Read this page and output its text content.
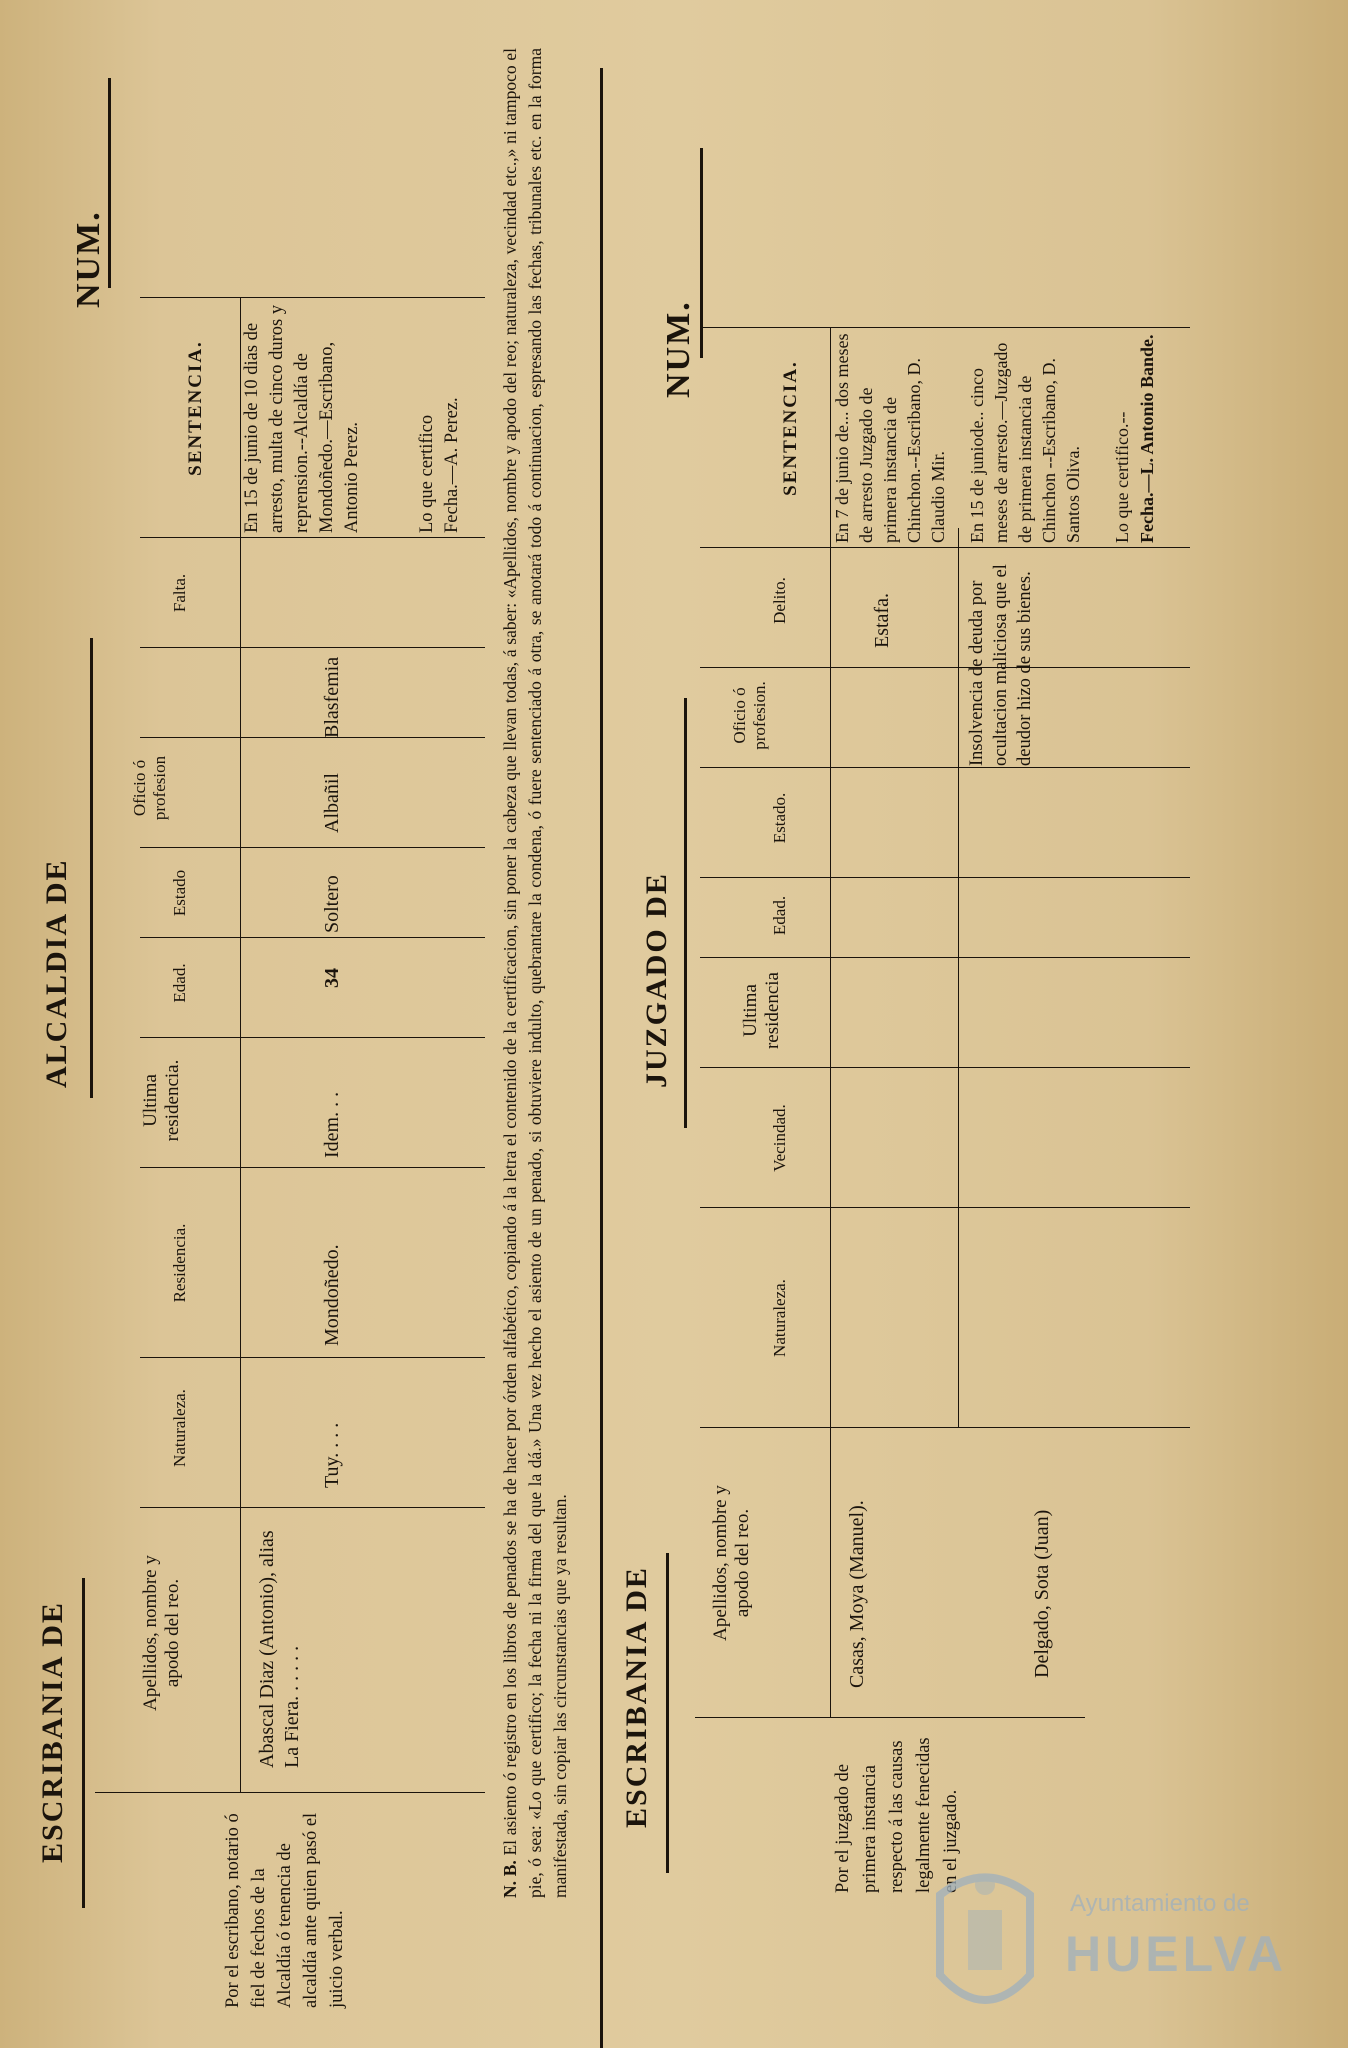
ESCRIBANIA DE
ALCALDIA DE
NUM.
Por el escribano, notario ó fiel de fechos de la Alcaldía ó tenencia de alcaldía ante quien pasó el juicio verbal.
Apellidos, nombre y apodo del reo.
Naturaleza.
Residencia.
Ultima residencia.
Edad.
Estado
Oficio ó profesion
Falta.
SENTENCIA.
Abascal Diaz (Antonio), alias La Fiera. . . . . .
Tuy. . . .
Mondoñedo.
Idem. . .
34
Soltero
Albañil
Blasfemia
En 15 de junio de 10 dias de arresto, multa de cinco duros y reprension.--Alcaldía de Mondoñedo.—Escribano, Antonio Perez.	Lo que certifico Fecha.—A. Perez.
N. B. El asiento ó registro en los libros de penados se ha de hacer por órden alfabético, copiando á la letra el contenido de la certificacion, sin poner la cabeza que llevan todas, á saber: «Apellidos, nombre y apodo del reo; naturaleza, vecindad etc.,» ni tampoco el pie, ó sea: «Lo que certifico; la fecha ni la firma del que la dá.» Una vez hecho el asiento de un penado, si obtuviere indulto, quebrantare la condena, ó fuere sentenciado á otra, se anotará todo á continuacion, espresando las fechas, tribunales etc. en la forma manifestada, sin copiar las circunstancias que ya resultan. ESCRIBANIA DE
JUZGADO DE
NUM.
Por el juzgado de primera instancia respecto á las causas legalmente fenecidas en el juzgado.
Apellidos, nombre y apodo del reo.
Naturaleza.
Vecindad.
Ultima residencia
Edad.
Estado.
Oficio ó profesion.
Delito.
SENTENCIA.
Casas, Moya (Manuel).
Estafa.
En 7 de junio de... dos meses de arresto Juzgado de primera instancia de Chinchon.--Escribano, D. Claudio Mir.
Delgado, Sota (Juan)
Insolvencia de deuda por ocultacion maliciosa que el deudor hizo de sus bienes.
En 15 de juniode.. cinco meses de arresto.—Juzgado de primera instancia de Chinchon --Escribano, D. Santos Oliva. Lo que certifico.-- Fecha.—L. Antonio Bande.
Ayuntamiento de
HUELVA
